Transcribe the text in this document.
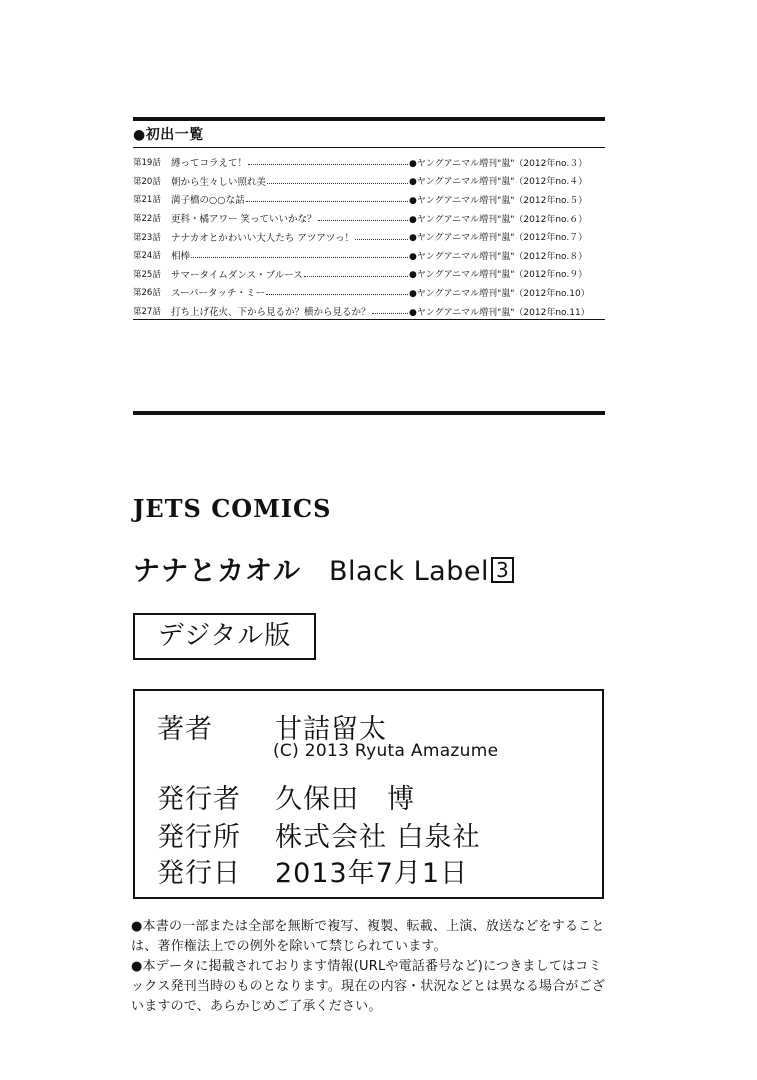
●初出一覧
第19話	縛ってコラえて！	●ヤングアニマル増刊"嵐"（2012年no.３）
第20話	朝から生々しい照れ美	●ヤングアニマル増刊"嵐"（2012年no.４）
第21話	満子橋の○○な話	●ヤングアニマル増刊"嵐"（2012年no.５）
第22話	更科・橘アワー 笑っていいかな？	●ヤングアニマル増刊"嵐"（2012年no.６）
第23話	ナナカオとかわいい大人たち アツアツっ！	●ヤングアニマル増刊"嵐"（2012年no.７）
第24話	相棒	●ヤングアニマル増刊"嵐"（2012年no.８）
第25話	サマータイムダンス・ブルース	●ヤングアニマル増刊"嵐"（2012年no.９）
第26話	スーパータッチ・ミー	●ヤングアニマル増刊"嵐"（2012年no.10）
第27話	打ち上げ花火、下から見るか？横から見るか？	●ヤングアニマル増刊"嵐"（2012年no.11）
JETS COMICS
ナナとカオル Black Label 3
デジタル版
著者 甘詰留太
(C) 2013 Ryuta Amazume
発行者 久保田　博
発行所 株式会社 白泉社
発行日 2013年7月1日
●本書の一部または全部を無断で複写、複製、転載、上演、放送などをすることは、著作権法上での例外を除いて禁じられています。
●本データに掲載されております情報(URLや電話番号など)につきましてはコミックス発刊当時のものとなります。現在の内容・状況などとは異なる場合がございますので、あらかじめご了承ください。
